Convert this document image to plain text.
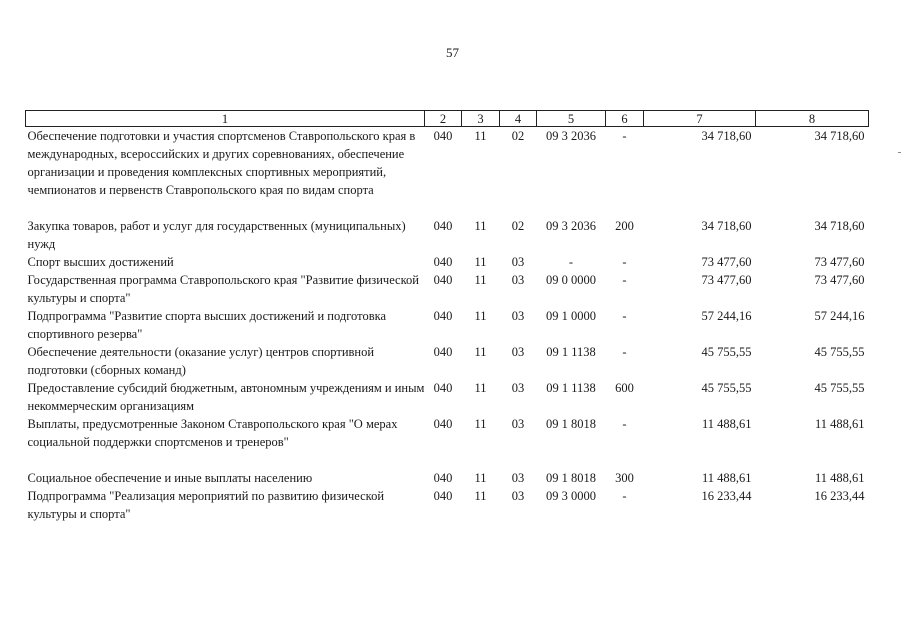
57
1	2	3	4	5	6	7	8
Обеспечение подготовки и участия спортсменов Ставропольского края в международных, всероссийских и других соревнованиях, обеспечение организации и проведения комплексных спортивных мероприятий, чемпионатов и первенств Ставропольского края по видам спорта	040	11	02	09 3 2036	-	34 718,60	34 718,60
Закупка товаров, работ и услуг для государственных (муниципальных) нужд	040	11	02	09 3 2036	200	34 718,60	34 718,60
Спорт высших достижений	040	11	03	-	-	73 477,60	73 477,60
Государственная программа Ставропольского края "Развитие физической культуры и спорта"	040	11	03	09 0 0000	-	73 477,60	73 477,60
Подпрограмма "Развитие спорта высших достижений и подготовка спортивного резерва"	040	11	03	09 1 0000	-	57 244,16	57 244,16
Обеспечение деятельности (оказание услуг) центров спортивной подготовки (сборных команд)	040	11	03	09 1 1138	-	45 755,55	45 755,55
Предоставление субсидий бюджетным, автономным учреждениям и иным некоммерческим организациям	040	11	03	09 1 1138	600	45 755,55	45 755,55
Выплаты, предусмотренные Законом Ставропольского края "О мерах социальной поддержки спортсменов и тренеров"	040	11	03	09 1 8018	-	11 488,61	11 488,61
Социальное обеспечение и иные выплаты населению	040	11	03	09 1 8018	300	11 488,61	11 488,61
Подпрограмма "Реализация мероприятий по развитию физической культуры и спорта"	040	11	03	09 3 0000	-	16 233,44	16 233,44
